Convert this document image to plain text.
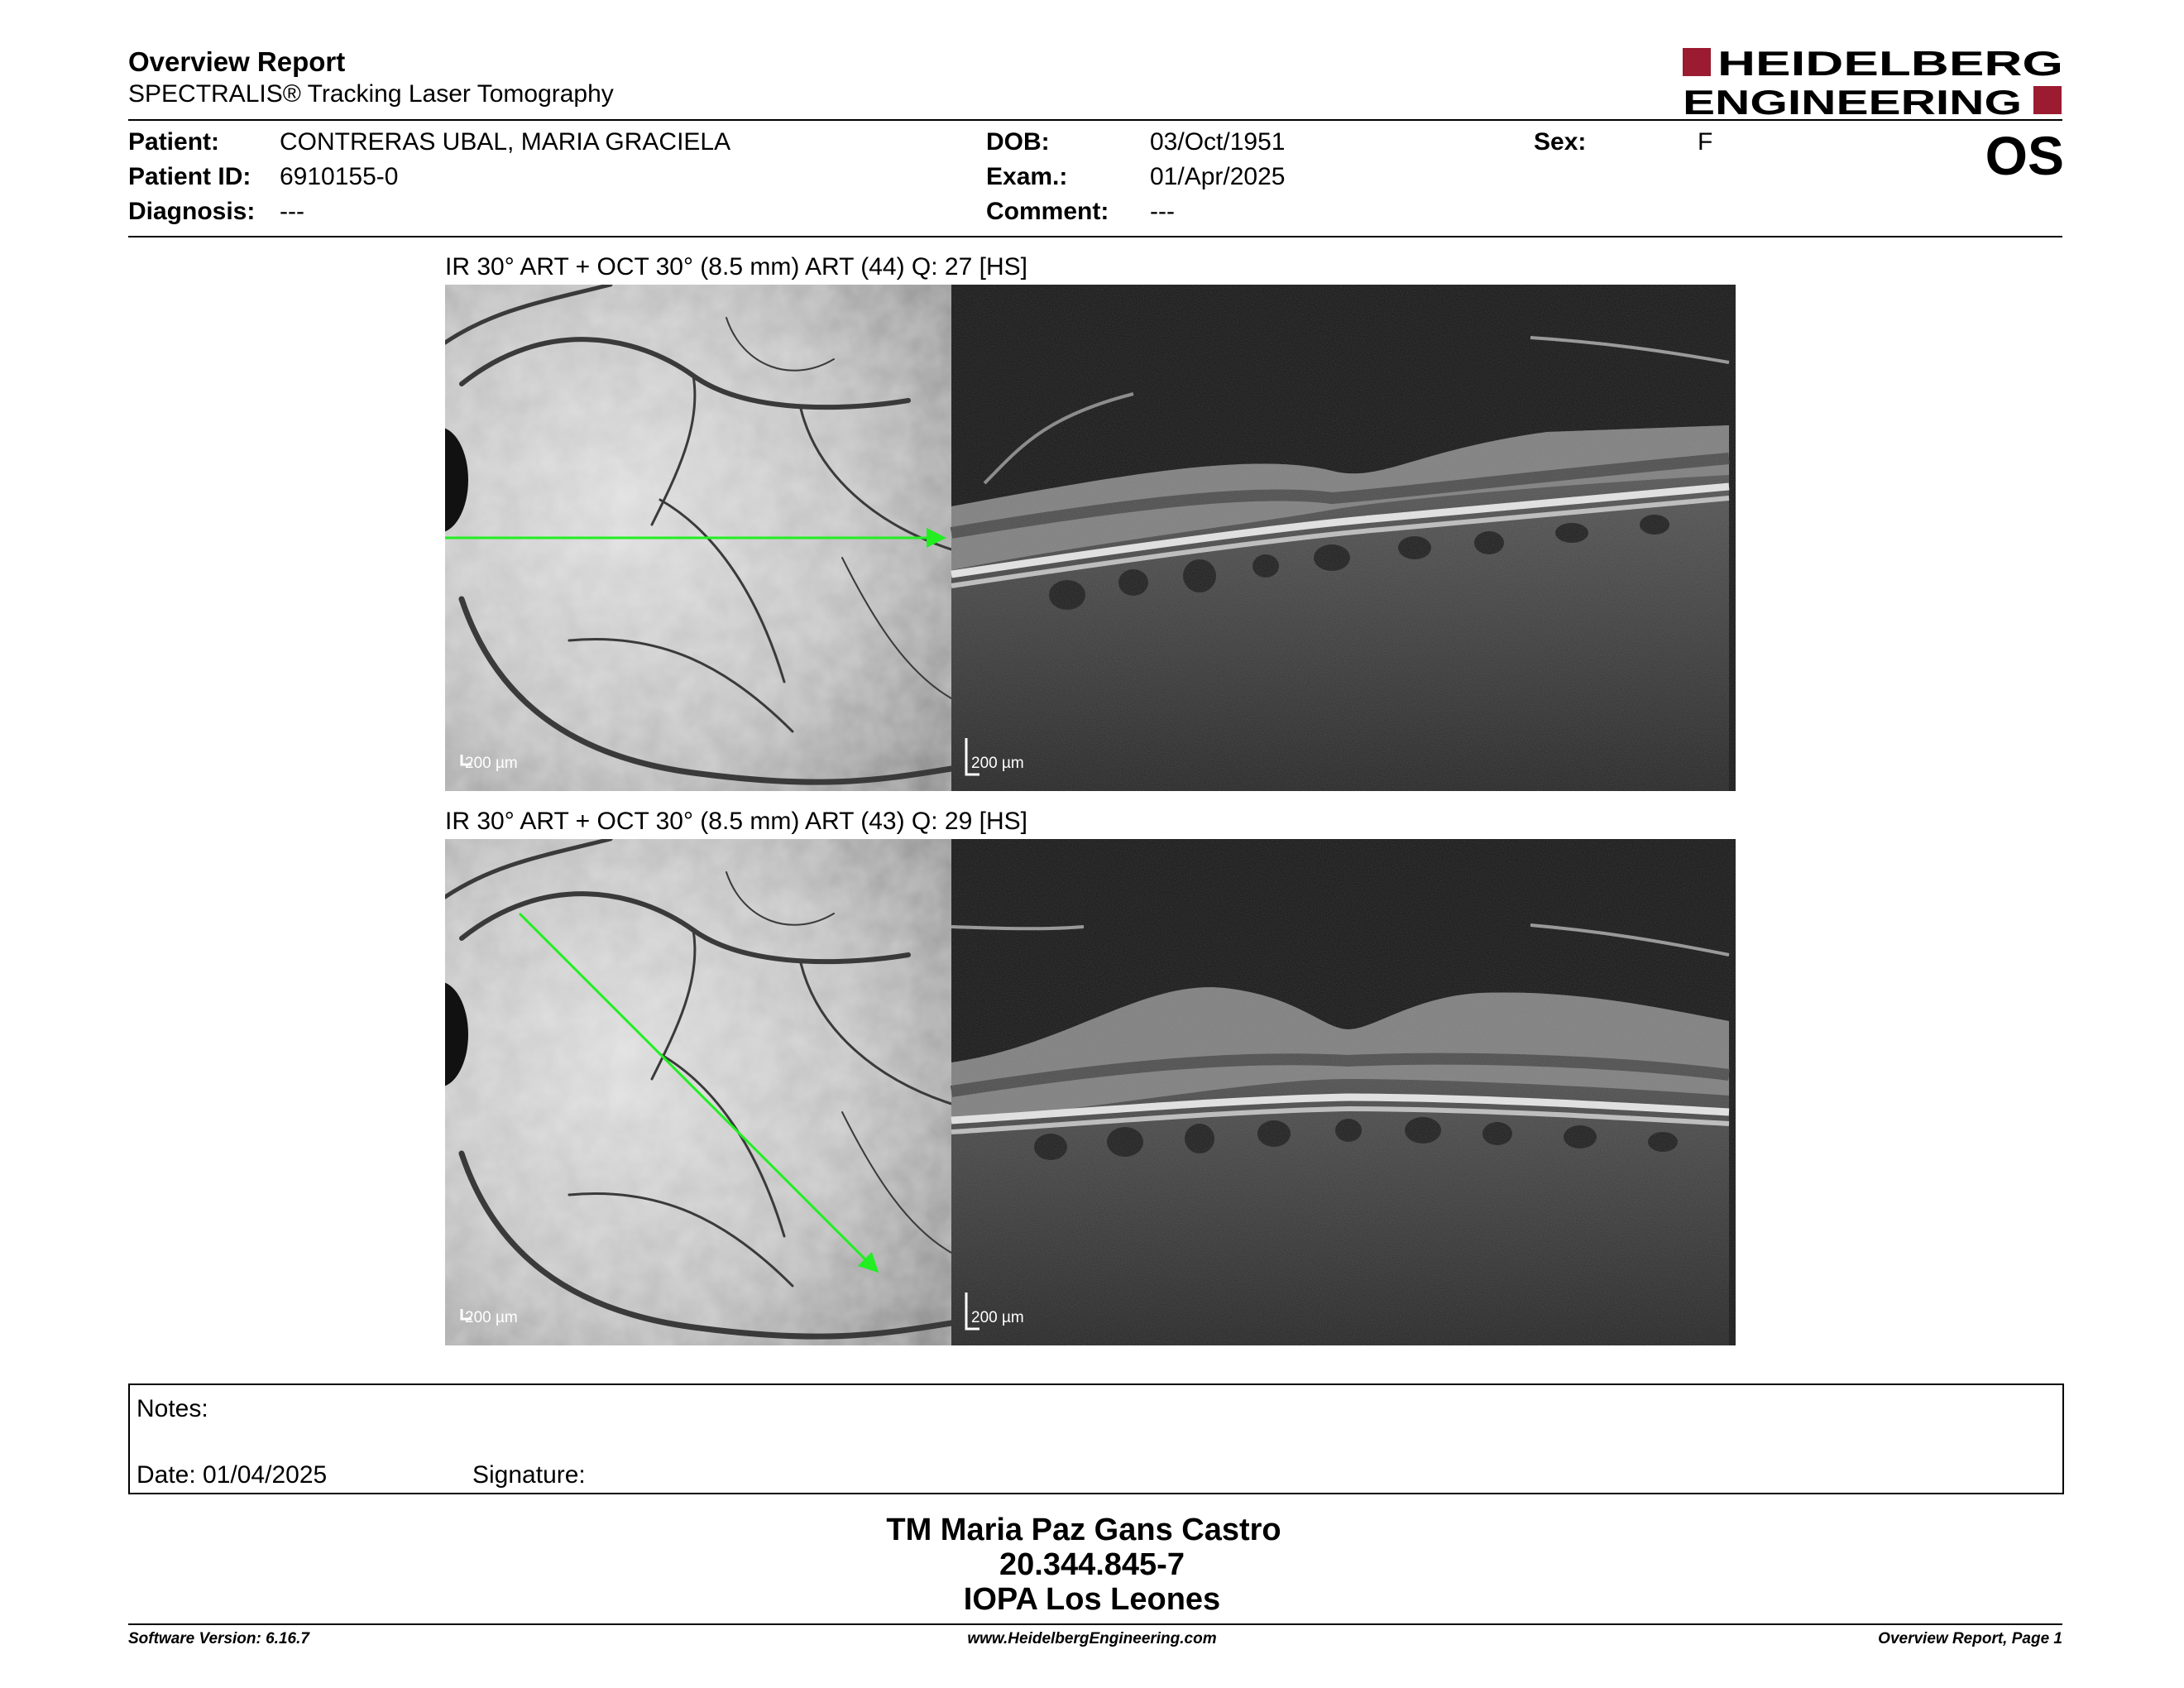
Overview Report
SPECTRALIS® Tracking Laser Tomography
HEIDELBERG
ENGINEERING
Patient: CONTRERAS UBAL, MARIA GRACIELA
Patient ID: 6910155-0
Diagnosis: ---
DOB:	03/Oct/1951
Exam.:	01/Apr/2025
Comment: ---
Sex:	F	OS
IR 30° ART + OCT 30° (8.5 mm) ART (44) Q: 27 [HS]
200 µm	200 µm
IR 30° ART + OCT 30° (8.5 mm) ART (43) Q: 29 [HS]
200 µm	200 µm
Notes:
Date: 01/04/2025	Signature:
TM Maria Paz Gans Castro
20.344.845-7
IOPA Los Leones
Software Version: 6.16.7	www.HeidelbergEngineering.com	Overview Report, Page 1
